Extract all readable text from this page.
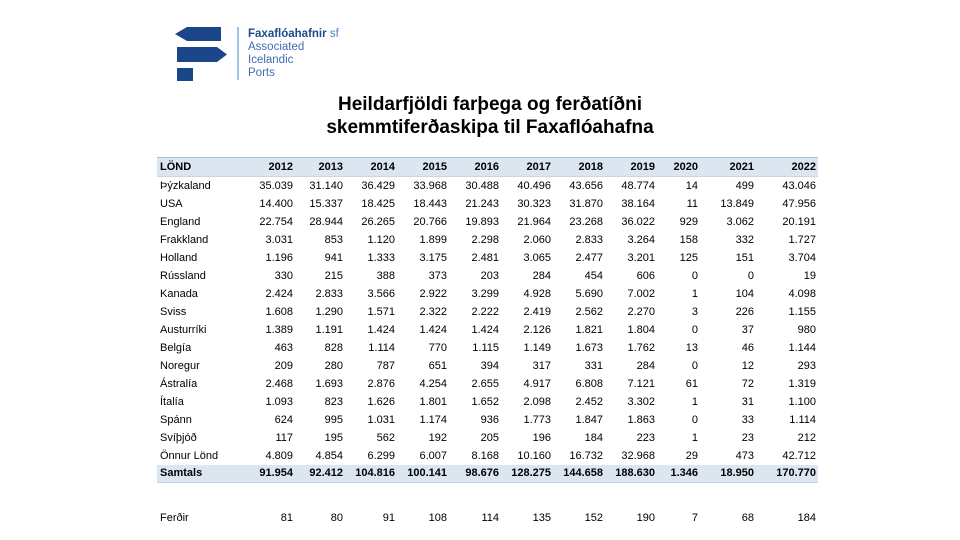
Faxaflóahafnir sf
Associated
Icelandic
Ports
Heildarfjöldi farþega og ferðatíðni
skemmtiferðaskipa til Faxaflóahafna
LÖND	2012	2013	2014	2015	2016	2017	2018	2019	2020	2021	2022
Þýzkaland	35.039	31.140	36.429	33.968	30.488	40.496	43.656	48.774	14	499	43.046
USA	14.400	15.337	18.425	18.443	21.243	30.323	31.870	38.164	11	13.849	47.956
England	22.754	28.944	26.265	20.766	19.893	21.964	23.268	36.022	929	3.062	20.191
Frakkland	3.031	853	1.120	1.899	2.298	2.060	2.833	3.264	158	332	1.727
Holland	1.196	941	1.333	3.175	2.481	3.065	2.477	3.201	125	151	3.704
Rússland	330	215	388	373	203	284	454	606	0	0	19
Kanada	2.424	2.833	3.566	2.922	3.299	4.928	5.690	7.002	1	104	4.098
Sviss	1.608	1.290	1.571	2.322	2.222	2.419	2.562	2.270	3	226	1.155
Austurríki	1.389	1.191	1.424	1.424	1.424	2.126	1.821	1.804	0	37	980
Belgía	463	828	1.114	770	1.115	1.149	1.673	1.762	13	46	1.144
Noregur	209	280	787	651	394	317	331	284	0	12	293
Ástralía	2.468	1.693	2.876	4.254	2.655	4.917	6.808	7.121	61	72	1.319
Ítalía	1.093	823	1.626	1.801	1.652	2.098	2.452	3.302	1	31	1.100
Spánn	624	995	1.031	1.174	936	1.773	1.847	1.863	0	33	1.114
Svíþjóð	117	195	562	192	205	196	184	223	1	23	212
Önnur Lönd	4.809	4.854	6.299	6.007	8.168	10.160	16.732	32.968	29	473	42.712
Samtals	91.954	92.412	104.816	100.141	98.676	128.275	144.658	188.630	1.346	18.950	170.770
Ferðir	81	80	91	108	114	135	152	190	7	68	184
